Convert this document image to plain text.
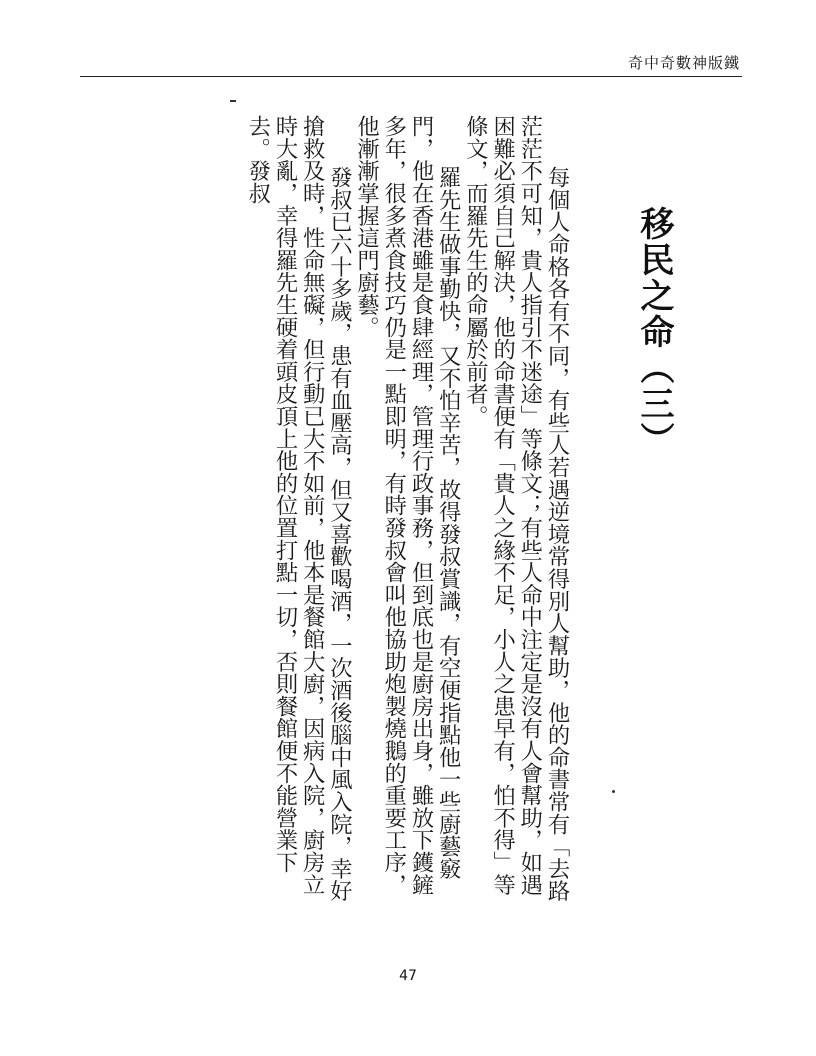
奇中奇數神版鐵
移民之命（三）

每個人命格各有不同，有些人若遇逆境常得別人幫助，他的命書常有「去路茫茫不可知，貴人指引不迷途」等條文；有些人命中注定是沒有人會幫助，如遇困難必須自己解決，他的命書便有「貴人之緣不足，小人之患早有，怕不得」等條文，而羅先生的命屬於前者。

羅先生做事勤快，又不怕辛苦，故得發叔賞識，有空便指點他一些廚藝竅門，他在香港雖是食肆經理，管理行政事務，但到底也是廚房出身，雖放下鑊鏟多年，很多煮食技巧仍是一點即明，有時發叔會叫他協助炮製燒鵝的重要工序，他漸漸掌握這門廚藝。

發叔已六十多歲，患有血壓高，但又喜歡喝酒，一次酒後腦中風入院，幸好搶救及時，性命無礙，但行動已大不如前，他本是餐館大廚，因病入院，廚房立時大亂，幸得羅先生硬着頭皮頂上他的位置打點一切，否則餐館便不能營業下去。發叔

47
